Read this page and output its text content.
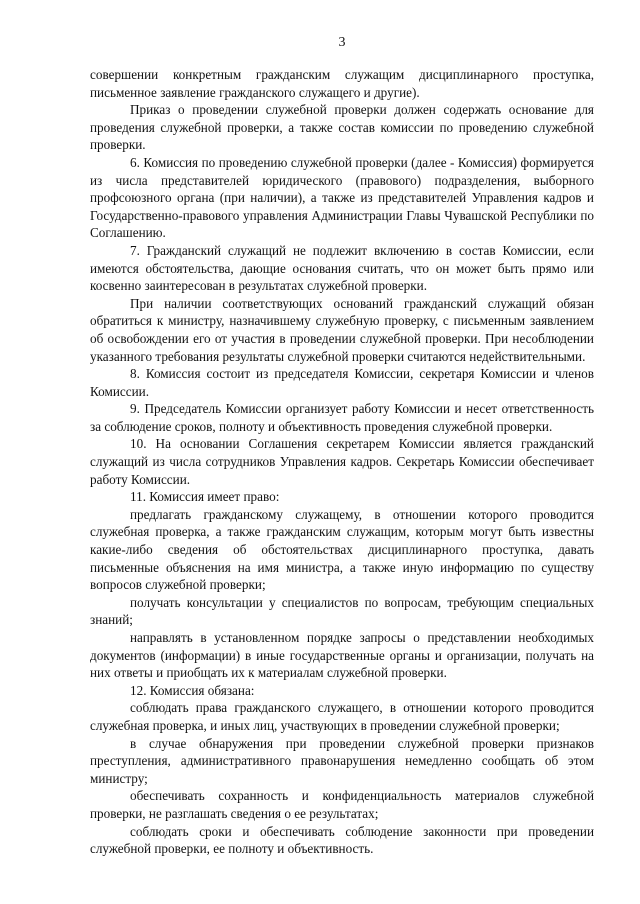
3

совершении конкретным гражданским служащим дисциплинарного проступка, письменное заявление гражданского служащего и другие).

Приказ о проведении служебной проверки должен содержать основание для проведения служебной проверки, а также состав комиссии по проведению служебной проверки.

6. Комиссия по проведению служебной проверки (далее - Комиссия) формируется из числа представителей юридического (правового) подразделения, выборного профсоюзного органа (при наличии), а также из представителей Управления кадров и Государственно-правового управления Администрации Главы Чувашской Республики по Соглашению.

7. Гражданский служащий не подлежит включению в состав Комиссии, если имеются обстоятельства, дающие основания считать, что он может быть прямо или косвенно заинтересован в результатах служебной проверки.

При наличии соответствующих оснований гражданский служащий обязан обратиться к министру, назначившему служебную проверку, с письменным заявлением об освобождении его от участия в проведении служебной проверки. При несоблюдении указанного требования результаты служебной проверки считаются недействительными.

8. Комиссия состоит из председателя Комиссии, секретаря Комиссии и членов Комиссии.

9. Председатель Комиссии организует работу Комиссии и несет ответственность за соблюдение сроков, полноту и объективность проведения служебной проверки.

10. На основании Соглашения секретарем Комиссии является гражданский служащий из числа сотрудников Управления кадров. Секретарь Комиссии обеспечивает работу Комиссии.

11. Комиссия имеет право:

предлагать гражданскому служащему, в отношении которого проводится служебная проверка, а также гражданским служащим, которым могут быть известны какие-либо сведения об обстоятельствах дисциплинарного проступка, давать письменные объяснения на имя министра, а также иную информацию по существу вопросов служебной проверки;

получать консультации у специалистов по вопросам, требующим специальных знаний;

направлять в установленном порядке запросы о представлении необходимых документов (информации) в иные государственные органы и организации, получать на них ответы и приобщать их к материалам служебной проверки.

12. Комиссия обязана:

соблюдать права гражданского служащего, в отношении которого проводится служебная проверка, и иных лиц, участвующих в проведении служебной проверки;

в случае обнаружения при проведении служебной проверки признаков преступления, административного правонарушения немедленно сообщать об этом министру;

обеспечивать сохранность и конфиденциальность материалов служебной проверки, не разглашать сведения о ее результатах;

соблюдать сроки и обеспечивать соблюдение законности при проведении служебной проверки, ее полноту и объективность.
